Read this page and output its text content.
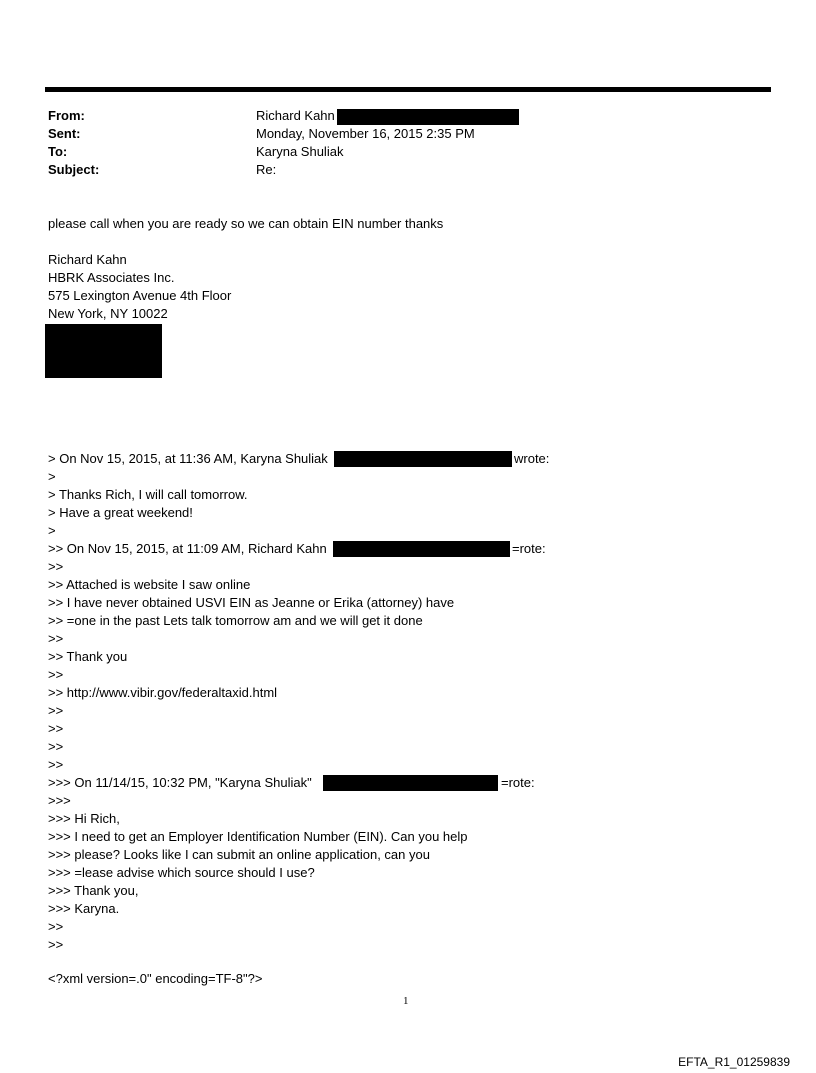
From:	Richard Kahn
Sent:	Monday, November 16, 2015 2:35 PM
To:	Karyna Shuliak
Subject:	Re:
please call when you are ready so we can obtain EIN number thanks
Richard Kahn
HBRK Associates Inc.
575 Lexington Avenue 4th Floor
New York, NY 10022
> On Nov 15, 2015, at 11:36 AM, Karyna Shuliak	wrote:
>
> Thanks Rich, I will call tomorrow.
> Have a great weekend!
>
>> On Nov 15, 2015, at 11:09 AM, Richard Kahn	=rote:
>>
>> Attached is website I saw online
>> I have never obtained USVI EIN as Jeanne or Erika (attorney) have
>> =one in the past Lets talk tomorrow am and we will get it done
>>
>> Thank you
>>
>> http://www.vibir.gov/federaltaxid.html
>>
>>
>>
>>
>>> On 11/14/15, 10:32 PM, "Karyna Shuliak"	=rote:
>>>
>>> Hi Rich,
>>> I need to get an Employer Identification Number (EIN). Can you help
>>> please? Looks like I can submit an online application, can you
>>> =lease advise which source should I use?
>>> Thank you,
>>> Karyna.
>>
>>
<?xml version=.0" encoding=TF-8"?>
1
EFTA_R1_01259839
